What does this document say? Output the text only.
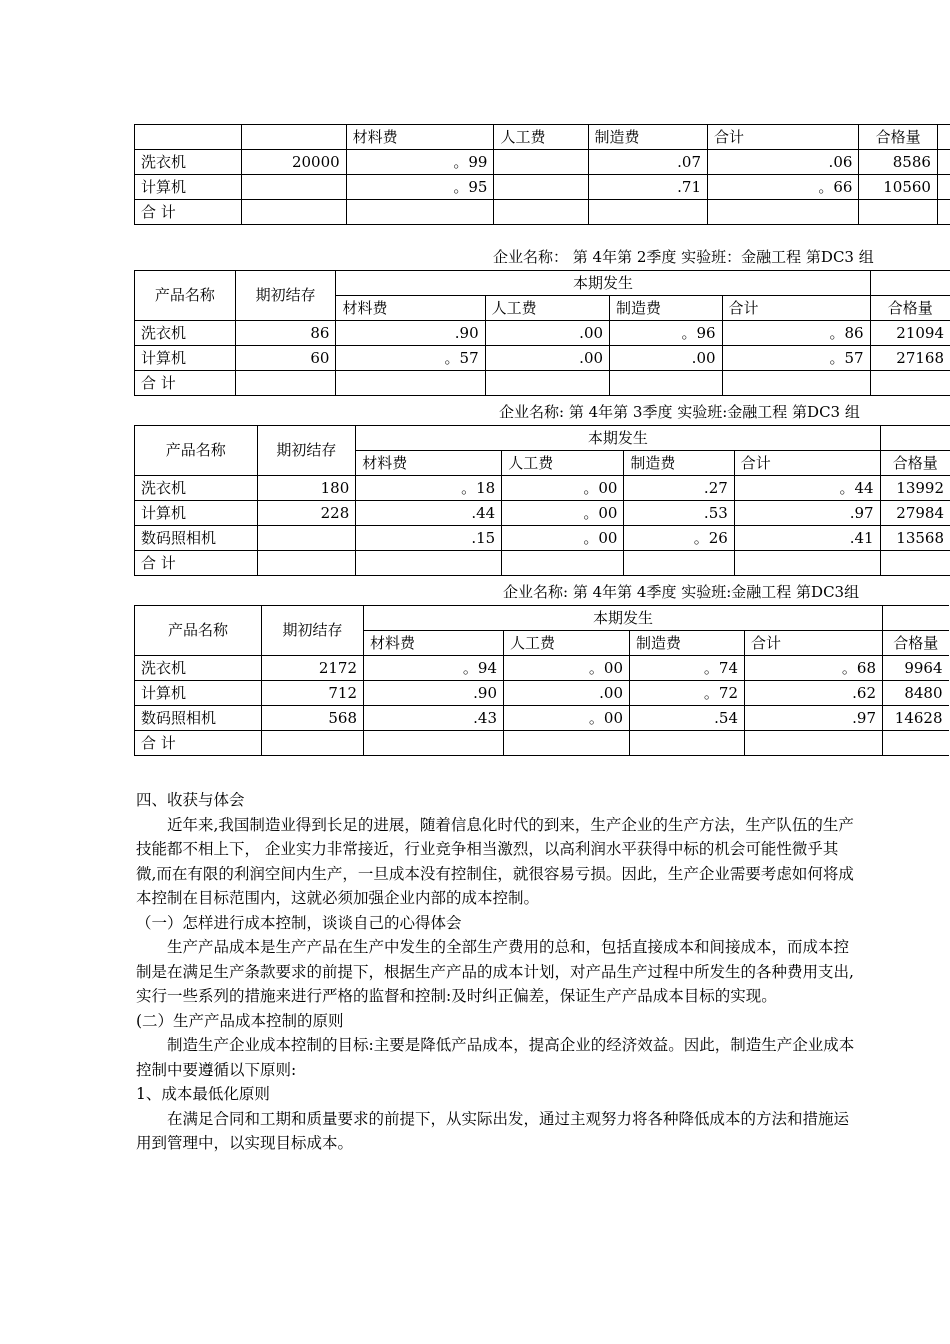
		材料费	人工费	制造费	合计	合格量	
洗衣机	20000	。99		.07	.06	8586	
计算机		。95		.71	。66	10560	
合 计							
企业名称： 第 4年第 2季度 实验班：金融工程 第DC3 组
产品名称	期初结存	本期发生				
		材料费	人工费	制造费	合计	合格量
洗衣机	86	.90	.00	。96	。86	21094
计算机	60	。57	.00	.00	。57	27168
合 计						
企业名称: 第 4年第 3季度 实验班:金融工程 第DC3 组
产品名称	期初结存	本期发生				
		材料费	人工费	制造费	合计	合格量
洗衣机	180	。18	。00	.27	。44	13992
计算机	228	.44	。00	.53	.97	27984
数码照相机		.15	。00	。26	.41	13568
合 计						
企业名称: 第 4年第 4季度 实验班:金融工程 第DC3组
产品名称	期初结存	本期发生				
		材料费	人工费	制造费	合计	合格量
洗衣机	2172	。94	。00	。74	。68	9964
计算机	712	.90	.00	。72	.62	8480
数码照相机	568	.43	。00	.54	.97	14628
合 计						

四、收获与体会

近年来,我国制造业得到长足的进展，随着信息化时代的到来，生产企业的生产方法，生产队伍的生产技能都不相上下， 企业实力非常接近，行业竞争相当激烈，以高利润水平获得中标的机会可能性微乎其微,而在有限的利润空间内生产，一旦成本没有控制住，就很容易亏损。因此，生产企业需要考虑如何将成本控制在目标范围内，这就必须加强企业内部的成本控制。

（一）怎样进行成本控制，谈谈自己的心得体会

生产产品成本是生产产品在生产中发生的全部生产费用的总和，包括直接成本和间接成本，而成本控制是在满足生产条款要求的前提下，根据生产产品的成本计划，对产品生产过程中所发生的各种费用支出,实行一些系列的措施来进行严格的监督和控制:及时纠正偏差，保证生产产品成本目标的实现。

(二）生产产品成本控制的原则

制造生产企业成本控制的目标:主要是降低产品成本，提高企业的经济效益。因此，制造生产企业成本控制中要遵循以下原则:

1、成本最低化原则

在满足合同和工期和质量要求的前提下，从实际出发，通过主观努力将各种降低成本的方法和措施运用到管理中，以实现目标成本。
